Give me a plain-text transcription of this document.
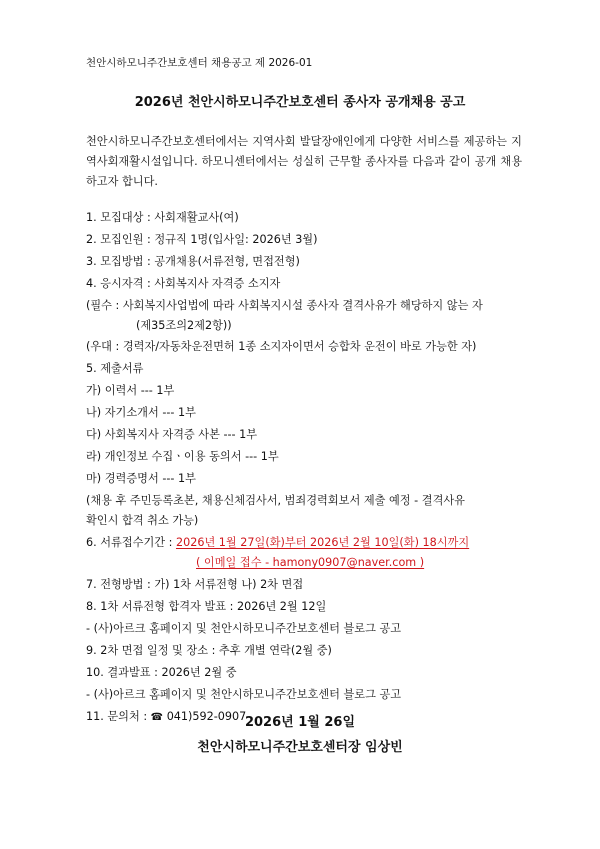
천안시하모니주간보호센터 채용공고 제 2026-01
2026년 천안시하모니주간보호센터 종사자 공개채용 공고
천안시하모니주간보호센터에서는 지역사회 발달장애인에게 다양한 서비스를 제공하는 지역사회재활시설입니다. 하모니센터에서는 성실히 근무할 종사자를 다음과 같이 공개 채용하고자 합니다.
1. 모집대상 : 사회재활교사(여)
2. 모집인원 : 정규직 1명(입사일: 2026년 3월)
3. 모집방법 : 공개채용(서류전형, 면접전형)
4. 응시자격 : 사회복지사 자격증 소지자
(필수 : 사회복지사업법에 따라 사회복지시설 종사자 결격사유가 해당하지 않는 자
(제35조의2제2항))
(우대 : 경력자/자동차운전면허 1종 소지자이면서 승합차 운전이 바로 가능한 자)
5. 제출서류
가) 이력서 --- 1부
나) 자기소개서 --- 1부
다) 사회복지사 자격증 사본 --- 1부
라) 개인정보 수집ㆍ이용 동의서 --- 1부
마) 경력증명서 --- 1부
(채용 후 주민등록초본, 채용신체검사서, 범죄경력회보서 제출 예정 - 결격사유
확인시 합격 취소 가능)
6. 서류접수기간 : 2026년 1월 27일(화)부터 2026년 2월 10일(화) 18시까지
( 이메일 접수 - hamony0907@naver.com )
7. 전형방법 : 가) 1차 서류전형 나) 2차 면접
8. 1차 서류전형 합격자 발표 : 2026년 2월 12일
- (사)아르크 홈페이지 및 천안시하모니주간보호센터 블로그 공고
9. 2차 면접 일정 및 장소 : 추후 개별 연락(2월 중)
10. 결과발표 : 2026년 2월 중
- (사)아르크 홈페이지 및 천안시하모니주간보호센터 블로그 공고
11. 문의처 : ☎ 041)592-0907
2026년 1월 26일
천안시하모니주간보호센터장 임상빈
